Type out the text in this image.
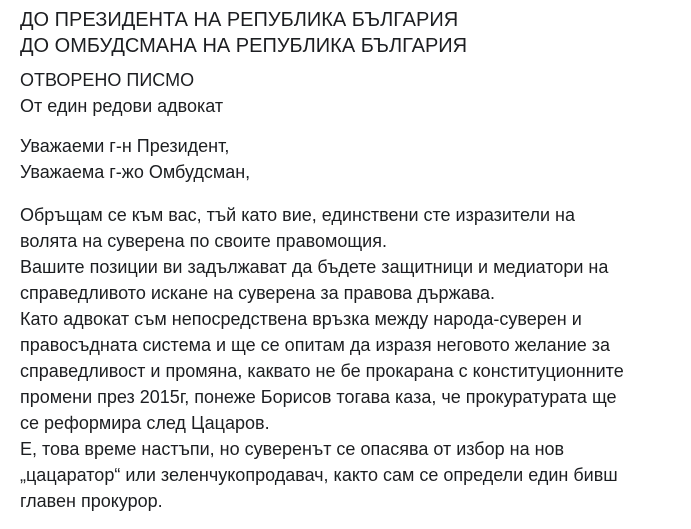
ДО ПРЕЗИДЕНТА НА РЕПУБЛИКА БЪЛГАРИЯ
ДО ОМБУДСМАНА НА РЕПУБЛИКА БЪЛГАРИЯ

ОТВОРЕНО ПИСМО

От един редови адвокат

Уважаеми г-н Президент,
Уважаема г-жо Омбудсман,

Обръщам се към вас, тъй като вие, единствени сте изразители на
волята на суверена по своите правомощия.
Вашите позиции ви задължават да бъдете защитници и медиатори на
справедливото искане на суверена за правова държава.
Като адвокат съм непосредствена връзка между народа-суверен и
правосъдната система и ще се опитам да изразя неговото желание за
справедливост и промяна, каквато не бе прокарана с конституционните
промени през 2015г, понеже Борисов тогава каза, че прокуратурата ще
се реформира след Цацаров.
Е, това време настъпи, но суверенът се опасява от избор на нов
„цацаратор“ или зеленчукопродавач, както сам се определи един бивш
главен прокурор.
